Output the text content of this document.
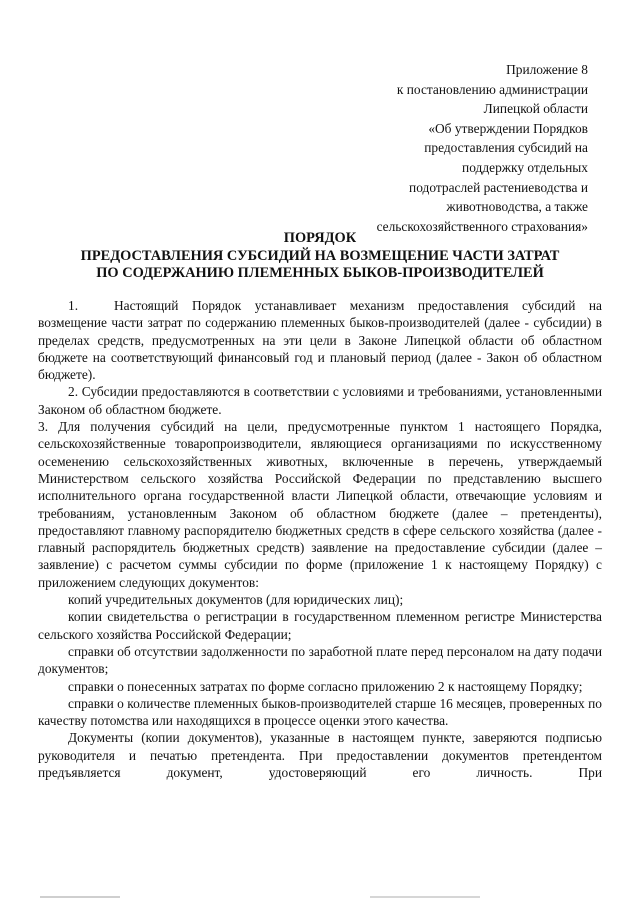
Приложение 8
к постановлению администрации
Липецкой области
«Об утверждении Порядков
предоставления субсидий на
поддержку отдельных
подотраслей растениеводства и
животноводства, а также
сельскохозяйственного страхования»
ПОРЯДОК
ПРЕДОСТАВЛЕНИЯ СУБСИДИЙ НА ВОЗМЕЩЕНИЕ ЧАСТИ ЗАТРАТ
ПО СОДЕРЖАНИЮ ПЛЕМЕННЫХ БЫКОВ-ПРОИЗВОДИТЕЛЕЙ

1.	Настоящий Порядок устанавливает механизм предоставления субсидий на возмещение части затрат по содержанию племенных быков-производителей (далее - субсидии) в пределах средств, предусмотренных на эти цели в Законе Липецкой области об областном бюджете на соответствующий финансовый год и плановый период (далее - Закон об областном бюджете).

2. Субсидии предоставляются в соответствии с условиями и требованиями, установленными Законом об областном бюджете.

3. Для получения субсидий на цели, предусмотренные пунктом 1 настоящего Порядка, сельскохозяйственные товаропроизводители, являющиеся организациями по искусственному осеменению сельскохозяйственных животных, включенные в перечень, утверждаемый Министерством сельского хозяйства Российской Федерации по представлению высшего исполнительного органа государственной власти Липецкой области, отвечающие условиям и требованиям, установленным Законом об областном бюджете (далее – претенденты), предоставляют главному распорядителю бюджетных средств в сфере сельского хозяйства (далее - главный распорядитель бюджетных средств) заявление на предоставление субсидии (далее – заявление) с расчетом суммы субсидии по форме (приложение 1 к настоящему Порядку) с приложением следующих документов:

копий учредительных документов (для юридических лиц);

копии свидетельства о регистрации в государственном племенном регистре Министерства сельского хозяйства Российской Федерации;

справки об отсутствии задолженности по заработной плате перед персоналом на дату подачи документов;

справки о понесенных затратах по форме согласно приложению 2 к настоящему Порядку;

справки о количестве племенных быков-производителей старше 16 месяцев, проверенных по качеству потомства или находящихся в процессе оценки этого качества.

Документы (копии документов), указанные в настоящем пункте, заверяются подписью руководителя и печатью претендента. При предоставлении документов претендентом предъявляется документ, удостоверяющий его личность. При
